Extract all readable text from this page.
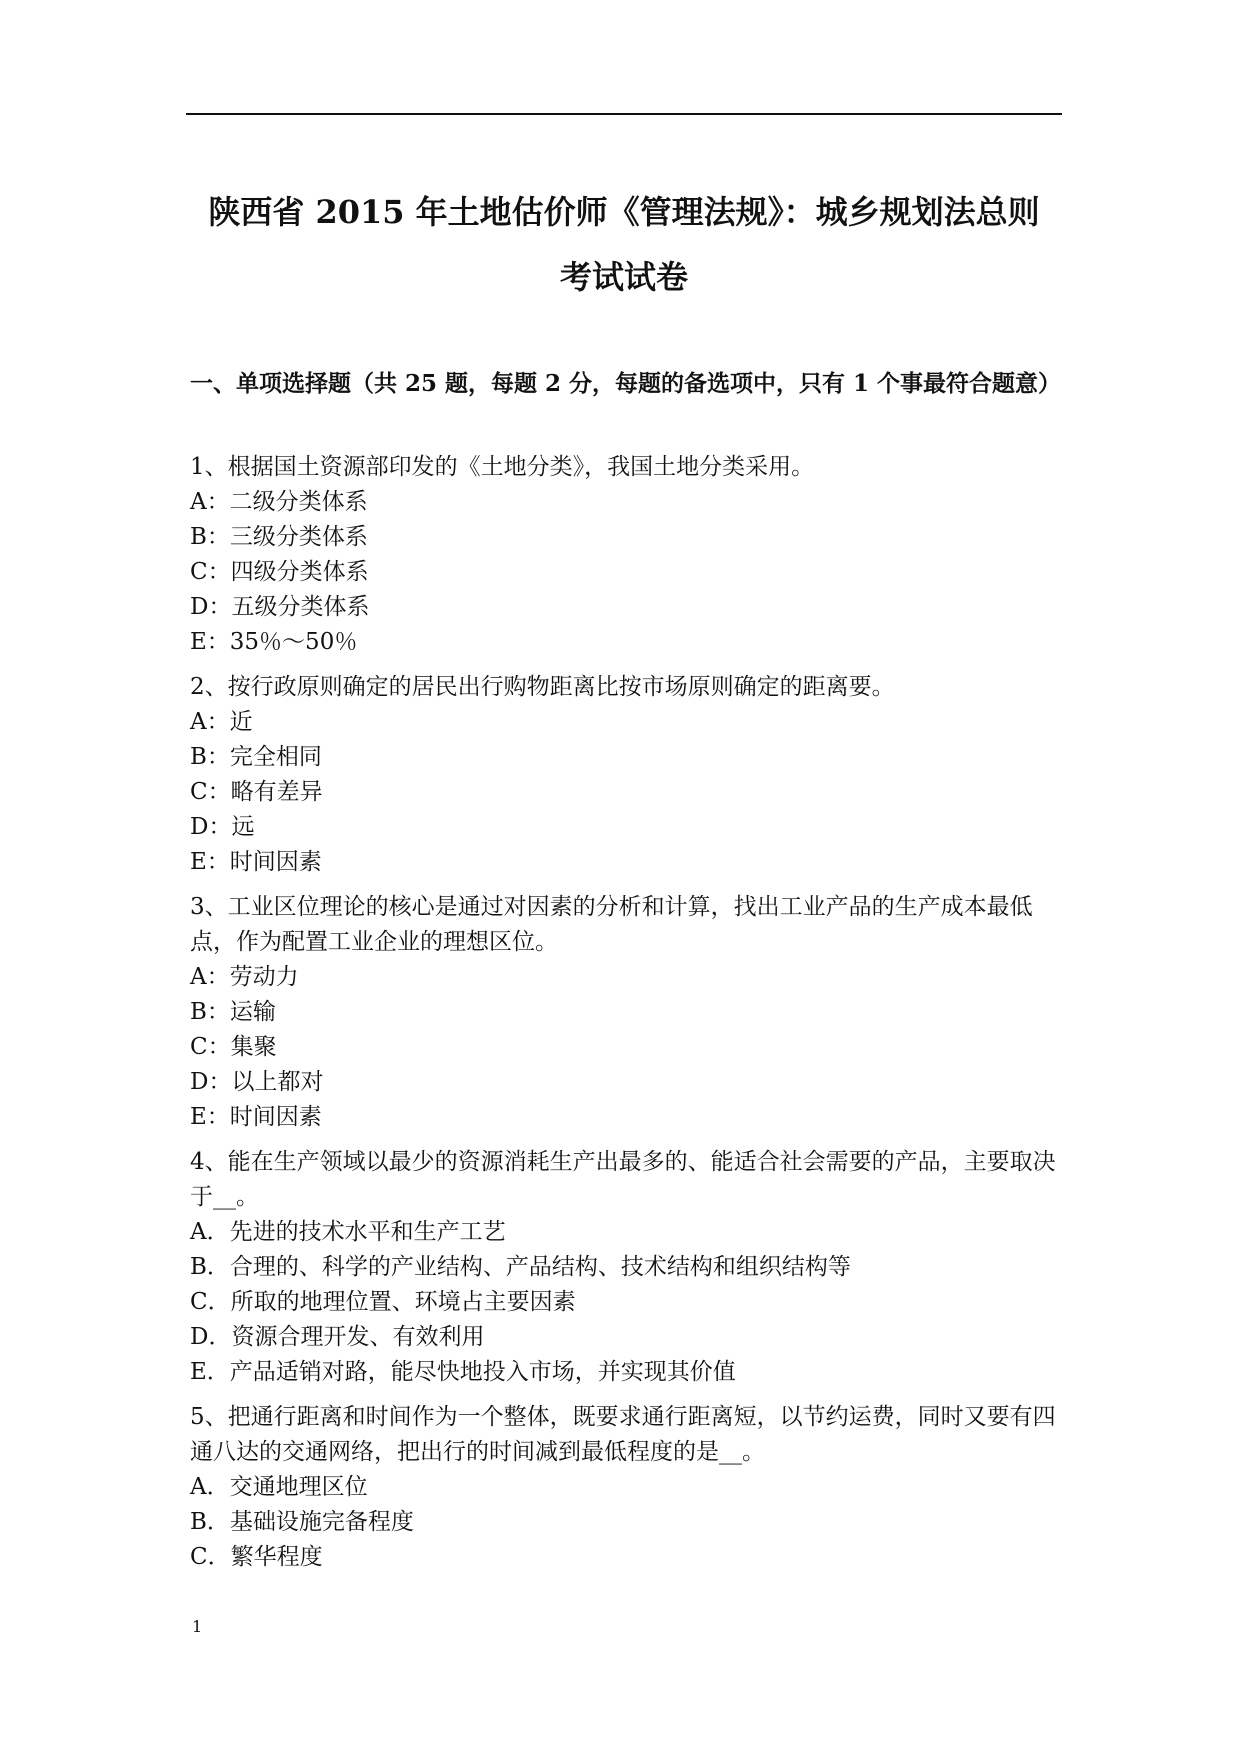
陕西省 2015 年土地估价师《管理法规》：城乡规划法总则
考试试卷
一、单项选择题（共 25 题，每题 2 分，每题的备选项中，只有 1 个事最符合题意）

1、根据国土资源部印发的《土地分类》，我国土地分类采用。

A：二级分类体系

B：三级分类体系

C：四级分类体系

D：五级分类体系

E：35％～50％

2、按行政原则确定的居民出行购物距离比按市场原则确定的距离要。

A：近

B：完全相同

C：略有差异

D：远

E：时间因素

3、工业区位理论的核心是通过对因素的分析和计算，找出工业产品的生产成本最低点，作为配置工业企业的理想区位。

A：劳动力

B：运输

C：集聚

D：以上都对

E：时间因素

4、能在生产领域以最少的资源消耗生产出最多的、能适合社会需要的产品，主要取决于__。

A．先进的技术水平和生产工艺

B．合理的、科学的产业结构、产品结构、技术结构和组织结构等

C．所取的地理位置、环境占主要因素

D．资源合理开发、有效利用

E．产品适销对路，能尽快地投入市场，并实现其价值

5、把通行距离和时间作为一个整体，既要求通行距离短，以节约运费，同时又要有四通八达的交通网络，把出行的时间减到最低程度的是__。

A．交通地理区位

B．基础设施完备程度

C．繁华程度

1
